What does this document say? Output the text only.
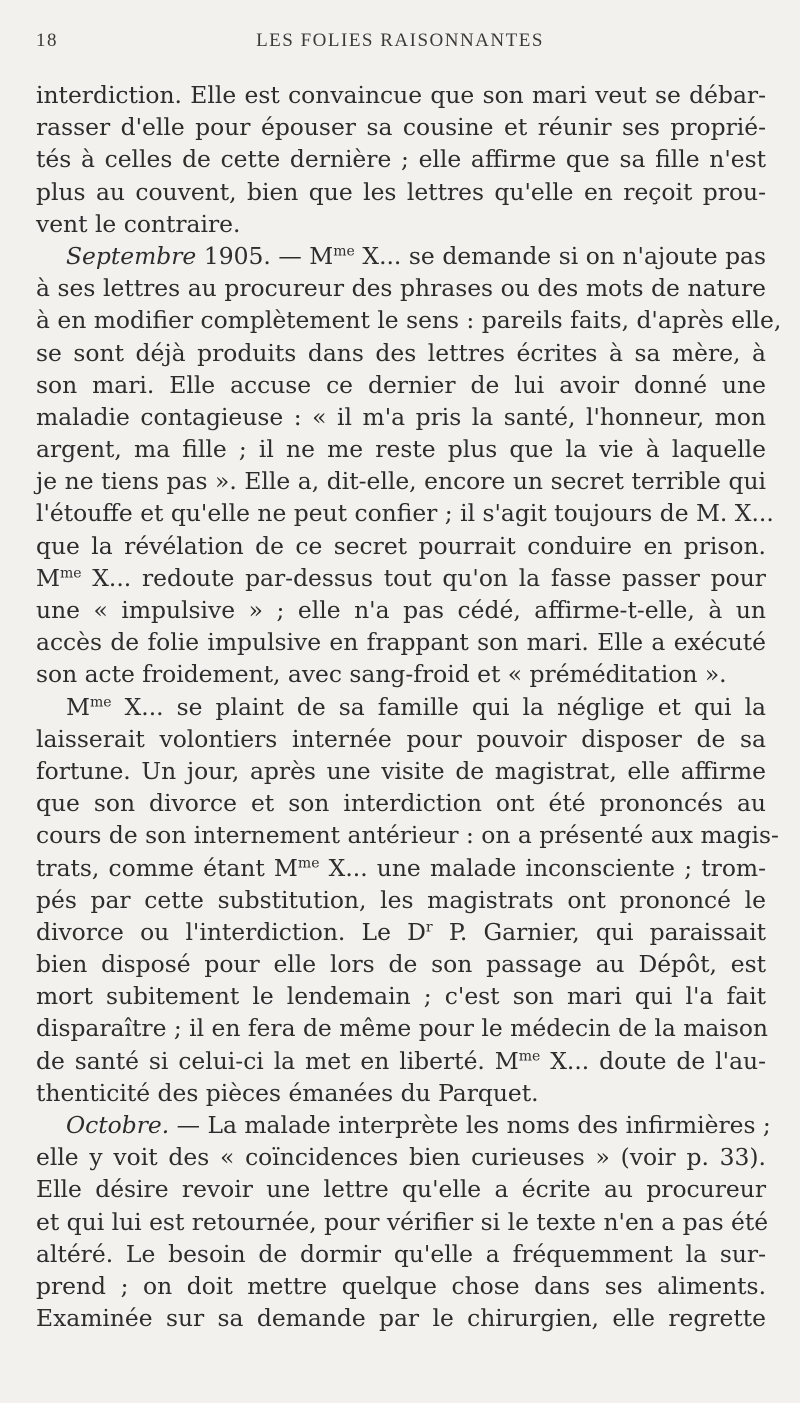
18	LES FOLIES RAISONNANTES
interdiction. Elle est convaincue que son mari veut se débar-
rasser d'elle pour épouser sa cousine et réunir ses proprié-
tés à celles de cette dernière ; elle affirme que sa fille n'est
plus au couvent, bien que les lettres qu'elle en reçoit prou-
vent le contraire.
Septembre 1905. — $M^{me}$ X... se demande si on n'ajoute pas
à ses lettres au procureur des phrases ou des mots de nature
à en modifier complètement le sens : pareils faits, d'après elle,
se sont déjà produits dans des lettres écrites à sa mère, à
son mari. Elle accuse ce dernier de lui avoir donné une
maladie contagieuse : « il m'a pris la santé, l'honneur, mon
argent, ma fille ; il ne me reste plus que la vie à laquelle
je ne tiens pas ». Elle a, dit-elle, encore un secret terrible qui
l'étouffe et qu'elle ne peut confier ; il s'agit toujours de M. X...
que la révélation de ce secret pourrait conduire en prison.
$M^{me}$ X... redoute par-dessus tout qu'on la fasse passer pour
une « impulsive » ; elle n'a pas cédé, affirme-t-elle, à un
accès de folie impulsive en frappant son mari. Elle a exécuté
son acte froidement, avec sang-froid et « préméditation ».
$M^{me}$ X... se plaint de sa famille qui la néglige et qui la
laisserait volontiers internée pour pouvoir disposer de sa
fortune. Un jour, après une visite de magistrat, elle affirme
que son divorce et son interdiction ont été prononcés au
cours de son internement antérieur : on a présenté aux magis-
trats, comme étant $M^{me}$ X... une malade inconsciente ; trom-
pés par cette substitution, les magistrats ont prononcé le
divorce ou l'interdiction. Le $D^r$ P. Garnier, qui paraissait
bien disposé pour elle lors de son passage au Dépôt, est
mort subitement le lendemain ; c'est son mari qui l'a fait
disparaître ; il en fera de même pour le médecin de la maison
de santé si celui-ci la met en liberté. $M^{me}$ X... doute de l'au-
thenticité des pièces émanées du Parquet.
Octobre. — La malade interprète les noms des infirmières ;
elle y voit des « coïncidences bien curieuses » (voir p. 33).
Elle désire revoir une lettre qu'elle a écrite au procureur
et qui lui est retournée, pour vérifier si le texte n'en a pas été
altéré. Le besoin de dormir qu'elle a fréquemment la sur-
prend ; on doit mettre quelque chose dans ses aliments.
Examinée sur sa demande par le chirurgien, elle regrette
